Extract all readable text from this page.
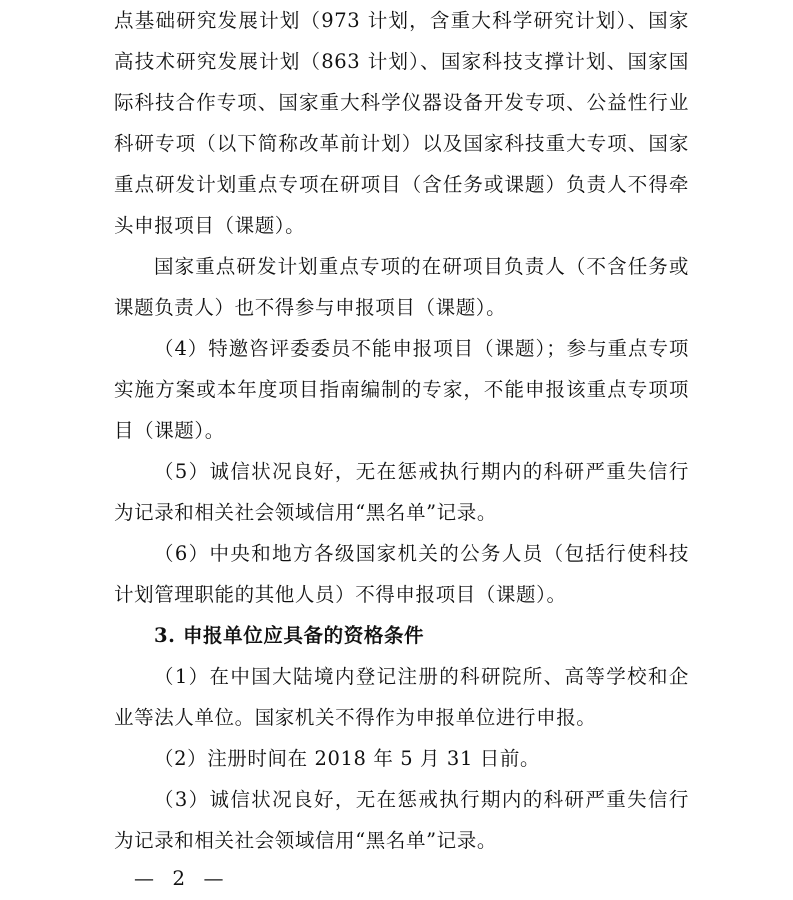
点基础研究发展计划（973 计划，含重大科学研究计划）、国家高技术研究发展计划（863 计划）、国家科技支撑计划、国家国际科技合作专项、国家重大科学仪器设备开发专项、公益性行业科研专项（以下简称改革前计划）以及国家科技重大专项、国家重点研发计划重点专项在研项目（含任务或课题）负责人不得牵头申报项目（课题）。

国家重点研发计划重点专项的在研项目负责人（不含任务或课题负责人）也不得参与申报项目（课题）。

（4）特邀咨评委委员不能申报项目（课题）；参与重点专项实施方案或本年度项目指南编制的专家，不能申报该重点专项项目（课题）。

（5）诚信状况良好，无在惩戒执行期内的科研严重失信行为记录和相关社会领域信用“黑名单”记录。

（6）中央和地方各级国家机关的公务人员（包括行使科技计划管理职能的其他人员）不得申报项目（课题）。

3. 申报单位应具备的资格条件

（1）在中国大陆境内登记注册的科研院所、高等学校和企业等法人单位。国家机关不得作为申报单位进行申报。

（2）注册时间在 2018 年 5 月 31 日前。

（3）诚信状况良好，无在惩戒执行期内的科研严重失信行为记录和相关社会领域信用“黑名单”记录。

— 2 —
